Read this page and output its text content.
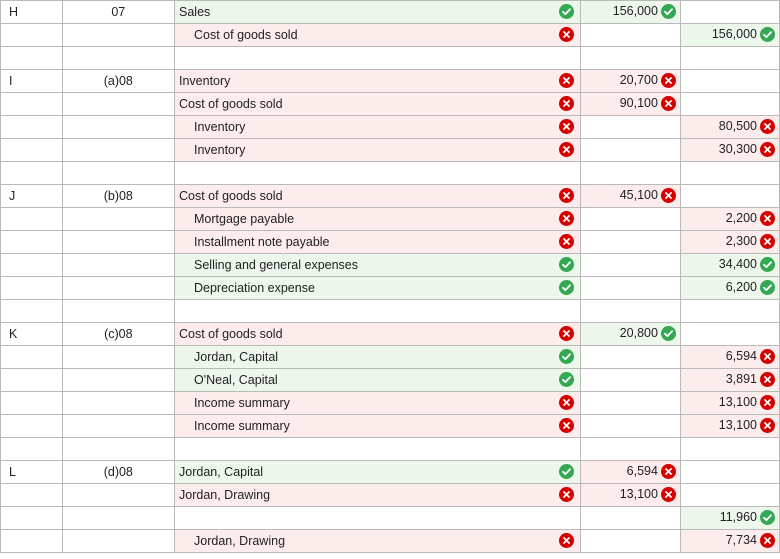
H	07	Sales	156,000

		Cost of goods sold		156,000

I	(a)08	Inventory	20,700

		Cost of goods sold	90,100

		Inventory		80,500

		Inventory		30,300

J	(b)08	Cost of goods sold	45,100

		Mortgage payable		2,200

		Installment note payable		2,300

		Selling and general expenses		34,400

		Depreciation expense		6,200

K	(c)08	Cost of goods sold	20,800

		Jordan, Capital		6,594

		O'Neal, Capital		3,891

		Income summary		13,100

		Income summary		13,100

L	(d)08	Jordan, Capital	6,594

		Jordan, Drawing	13,100

				11,960

		Jordan, Drawing		7,734
